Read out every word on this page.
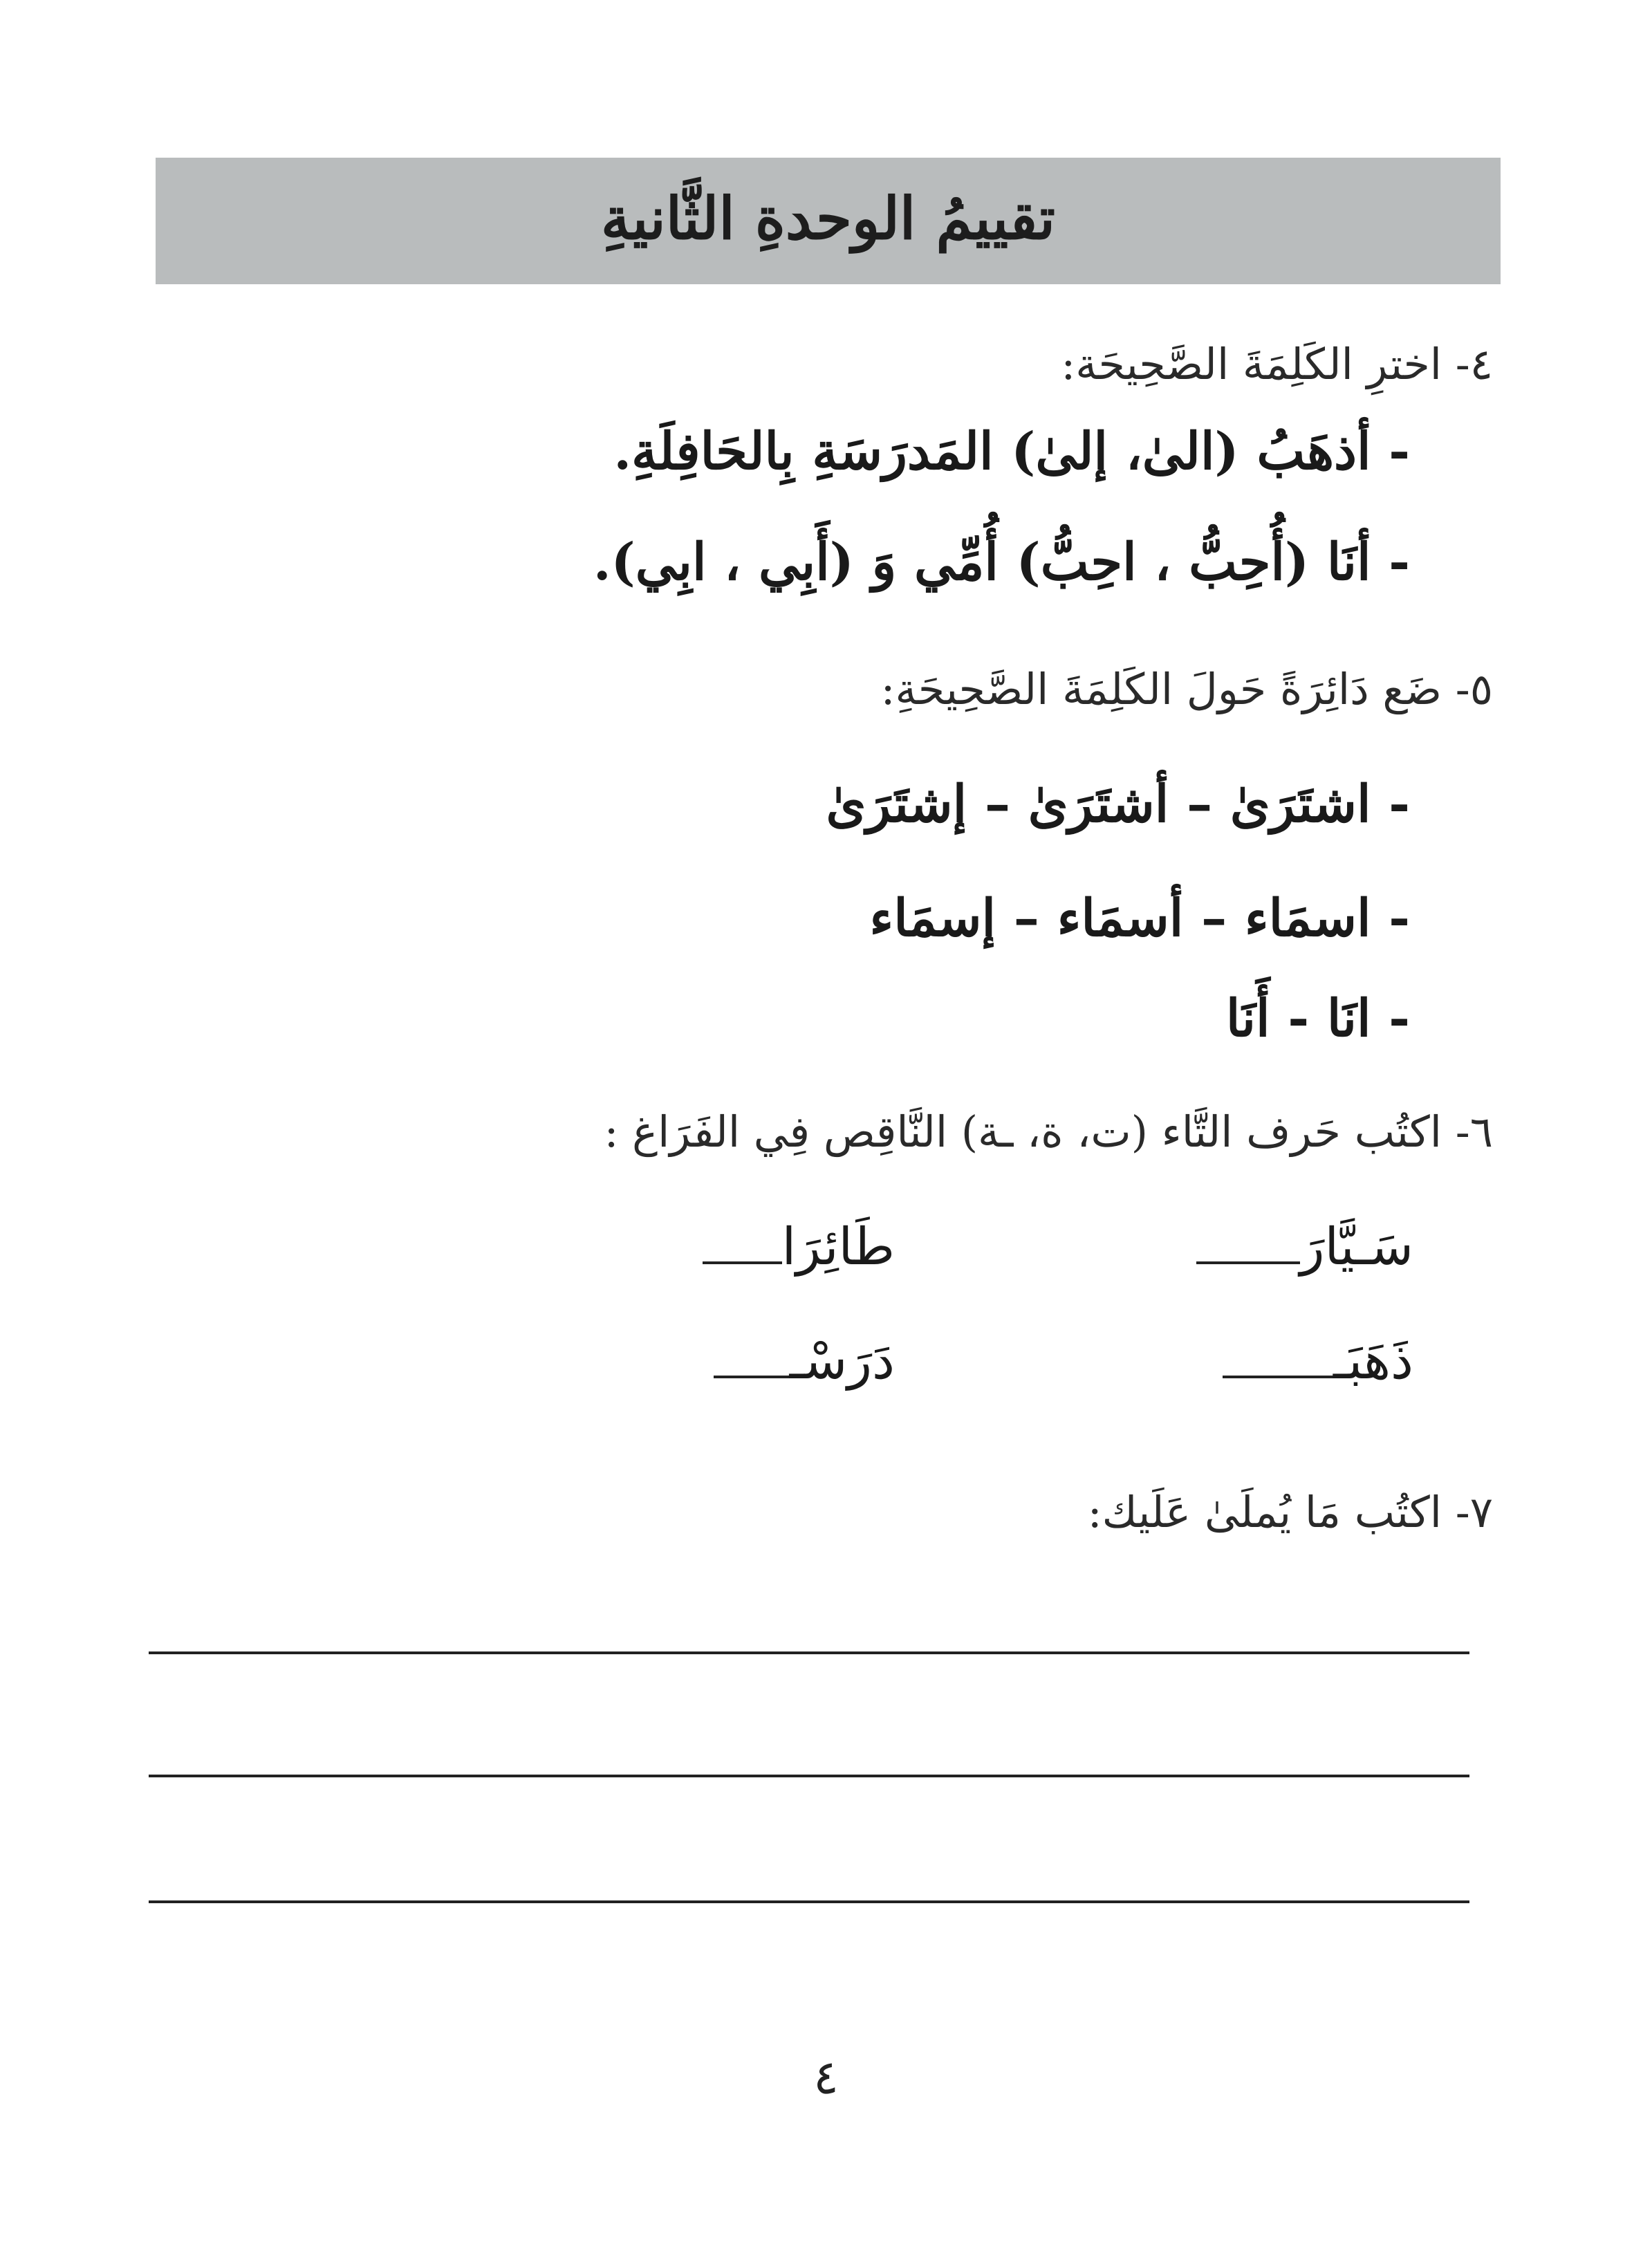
تقييمُ الوحدةِ الثَّانيةِ
٤- اخترِ الكَلِمَةَ الصَّحِيحَة:
- أذهَبُ (الىٰ، إلىٰ) المَدرَسَةِ بِالحَافِلَةِ.
- أنَا (أُحِبُّ ، احِبُّ) أُمِّي وَ (أَبِي ، ابِي).
٥- ضَع دَائِرَةً حَولَ الكَلِمَةَ الصَّحِيحَةِ:
- اشتَرَىٰ – أشتَرَىٰ – إشتَرَىٰ
- اسمَاء – أسمَاء – إسمَاء
- انَا - أَنَا
٦- اكتُب حَرف التَّاء (ت، ة، ـة) النَّاقِص فِي الفَرَاغ :
سَـيَّارَ
طَائِرَا
ذَهَبَـ
دَرَسْـ
٧- اكتُب مَا يُملَىٰ عَلَيك:
٤
